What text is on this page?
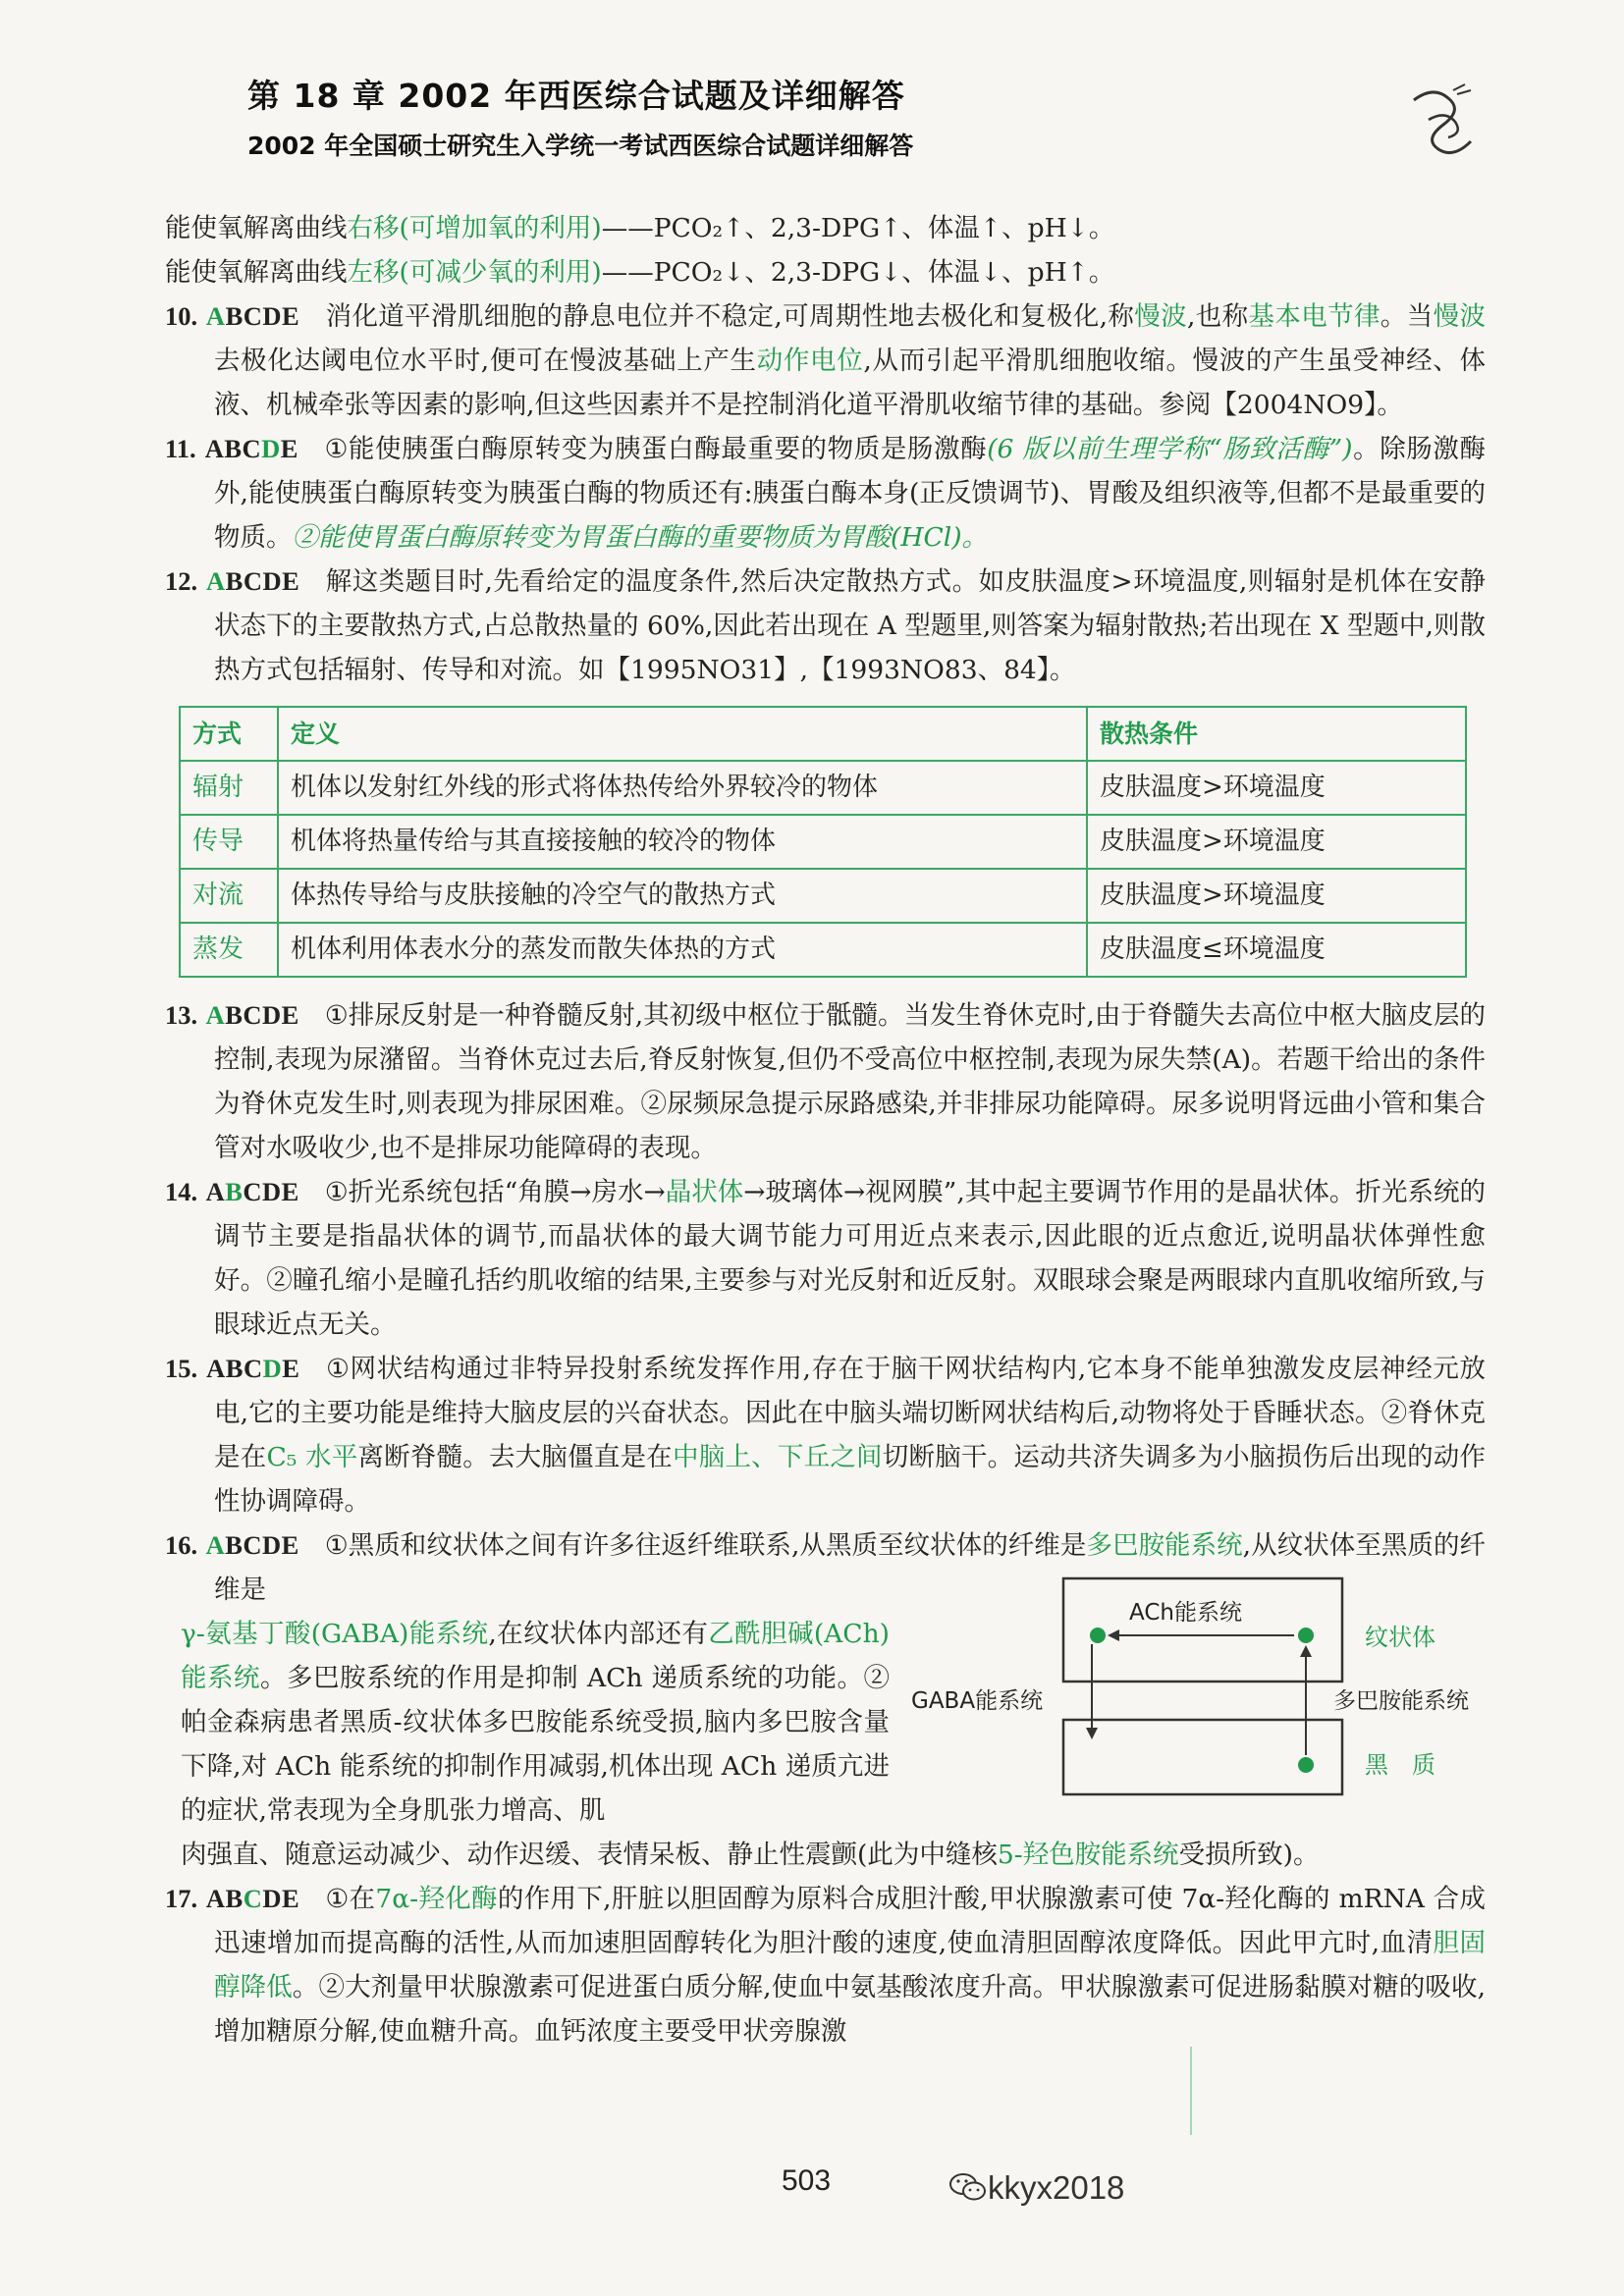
第 18 章 2002 年西医综合试题及详细解答
2002 年全国硕士研究生入学统一考试西医综合试题详细解答

能使氧解离曲线右移(可增加氧的利用)——PCO₂↑、2,3-DPG↑、体温↑、pH↓。

能使氧解离曲线左移(可减少氧的利用)——PCO₂↓、2,3-DPG↓、体温↓、pH↑。

10. ABCDE 消化道平滑肌细胞的静息电位并不稳定,可周期性地去极化和复极化,称慢波,也称基本电节律。当慢波去极化达阈电位水平时,便可在慢波基础上产生动作电位,从而引起平滑肌细胞收缩。慢波的产生虽受神经、体液、机械牵张等因素的影响,但这些因素并不是控制消化道平滑肌收缩节律的基础。参阅【2004NO9】。

11. ABCDE ①能使胰蛋白酶原转变为胰蛋白酶最重要的物质是肠激酶(6 版以前生理学称“肠致活酶”)。除肠激酶外,能使胰蛋白酶原转变为胰蛋白酶的物质还有:胰蛋白酶本身(正反馈调节)、胃酸及组织液等,但都不是最重要的物质。②能使胃蛋白酶原转变为胃蛋白酶的重要物质为胃酸(HCl)。

12. ABCDE 解这类题目时,先看给定的温度条件,然后决定散热方式。如皮肤温度>环境温度,则辐射是机体在安静状态下的主要散热方式,占总散热量的 60%,因此若出现在 A 型题里,则答案为辐射散热;若出现在 X 型题中,则散热方式包括辐射、传导和对流。如【1995NO31】,【1993NO83、84】。

方式	定义	散热条件
辐射	机体以发射红外线的形式将体热传给外界较冷的物体	皮肤温度>环境温度
传导	机体将热量传给与其直接接触的较冷的物体	皮肤温度>环境温度
对流	体热传导给与皮肤接触的冷空气的散热方式	皮肤温度>环境温度
蒸发	机体利用体表水分的蒸发而散失体热的方式	皮肤温度≤环境温度

13. ABCDE ①排尿反射是一种脊髓反射,其初级中枢位于骶髓。当发生脊休克时,由于脊髓失去高位中枢大脑皮层的控制,表现为尿潴留。当脊休克过去后,脊反射恢复,但仍不受高位中枢控制,表现为尿失禁(A)。若题干给出的条件为脊休克发生时,则表现为排尿困难。②尿频尿急提示尿路感染,并非排尿功能障碍。尿多说明肾远曲小管和集合管对水吸收少,也不是排尿功能障碍的表现。

14. ABCDE ①折光系统包括“角膜→房水→晶状体→玻璃体→视网膜”,其中起主要调节作用的是晶状体。折光系统的调节主要是指晶状体的调节,而晶状体的最大调节能力可用近点来表示,因此眼的近点愈近,说明晶状体弹性愈好。②瞳孔缩小是瞳孔括约肌收缩的结果,主要参与对光反射和近反射。双眼球会聚是两眼球内直肌收缩所致,与眼球近点无关。

15. ABCDE ①网状结构通过非特异投射系统发挥作用,存在于脑干网状结构内,它本身不能单独激发皮层神经元放电,它的主要功能是维持大脑皮层的兴奋状态。因此在中脑头端切断网状结构后,动物将处于昏睡状态。②脊休克是在C₅ 水平离断脊髓。去大脑僵直是在中脑上、下丘之间切断脑干。运动共济失调多为小脑损伤后出现的动作性协调障碍。

16. ABCDE ①黑质和纹状体之间有许多往返纤维联系,从黑质至纹状体的纤维是多巴胺能系统,从纹状体至黑质的纤维是

γ-氨基丁酸(GABA)能系统,在纹状体内部还有乙酰胆碱(ACh)能系统。多巴胺系统的作用是抑制 ACh 递质系统的功能。②帕金森病患者黑质-纹状体多巴胺能系统受损,脑内多巴胺含量下降,对 ACh 能系统的抑制作用减弱,机体出现 ACh 递质亢进的症状,常表现为全身肌张力增高、肌

肉强直、随意运动减少、动作迟缓、表情呆板、静止性震颤(此为中缝核5-羟色胺能系统受损所致)。

ACh能系统
纹状体
GABA能系统	多巴胺能系统
黑　质

17. ABCDE ①在7α-羟化酶的作用下,肝脏以胆固醇为原料合成胆汁酸,甲状腺激素可使 7α-羟化酶的 mRNA 合成迅速增加而提高酶的活性,从而加速胆固醇转化为胆汁酸的速度,使血清胆固醇浓度降低。因此甲亢时,血清胆固醇降低。②大剂量甲状腺激素可促进蛋白质分解,使血中氨基酸浓度升高。甲状腺激素可促进肠黏膜对糖的吸收,增加糖原分解,使血糖升高。血钙浓度主要受甲状旁腺激

503	kkyx2018
